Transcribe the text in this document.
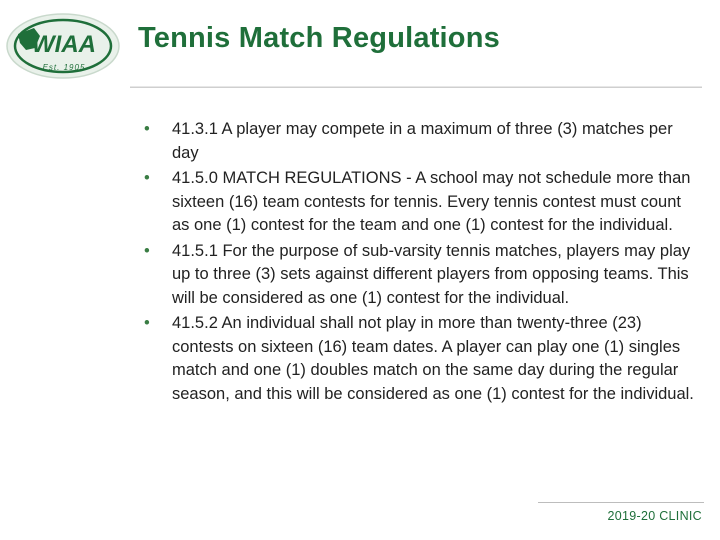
WIAA
Est. 1905
Tennis Match Regulations
• 41.3.1 A player may compete in a maximum of three (3) matches per day
• 41.5.0 MATCH REGULATIONS - A school may not schedule more than sixteen (16) team contests for tennis. Every tennis contest must count as one (1) contest for the team and one (1) contest for the individual.
• 41.5.1 For the purpose of sub-varsity tennis matches, players may play up to three (3) sets against different players from opposing teams. This will be considered as one (1) contest for the individual.
• 41.5.2 An individual shall not play in more than twenty-three (23) contests on sixteen (16) team dates. A player can play one (1) singles match and one (1) doubles match on the same day during the regular season, and this will be considered as one (1) contest for the individual.
2019-20 CLINIC
